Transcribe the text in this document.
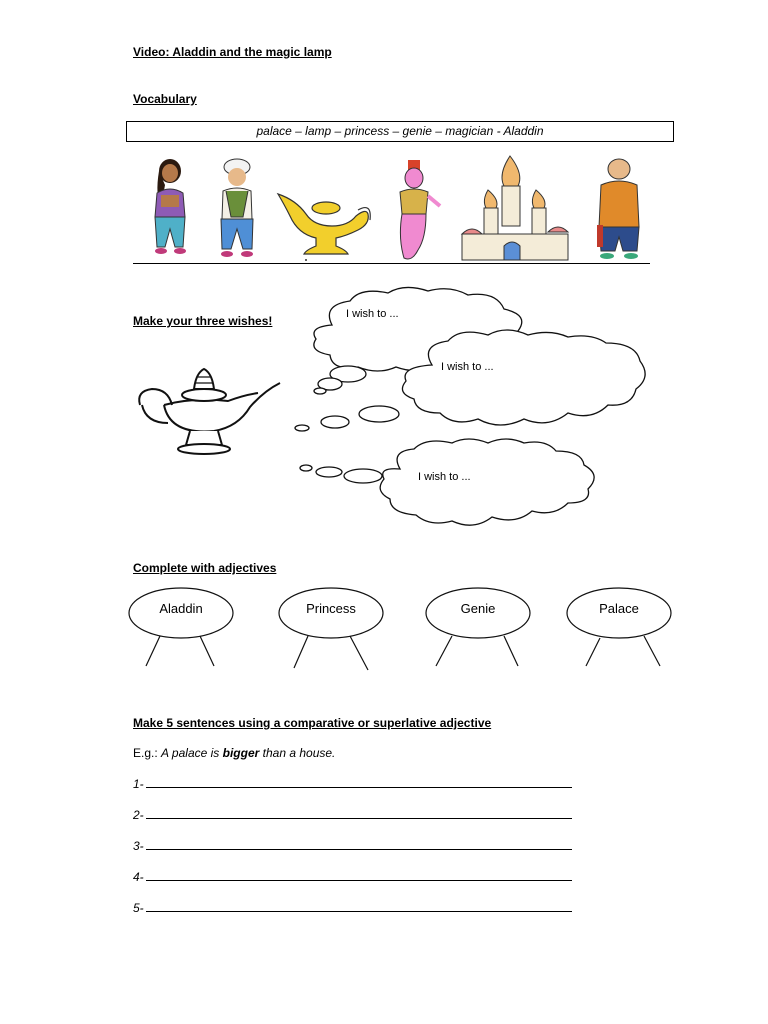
Video: Aladdin and the magic lamp
Vocabulary
palace – lamp – princess – genie – magician - Aladdin
Make your three wishes!	I wish to ...
I wish to ...
I wish to ...
Complete with adjectives
Aladdin	Princess	Genie	Palace
Make 5 sentences using a comparative or superlative adjective
E.g.: A palace is bigger than a house.
1-
2-
3-
4-
5-
